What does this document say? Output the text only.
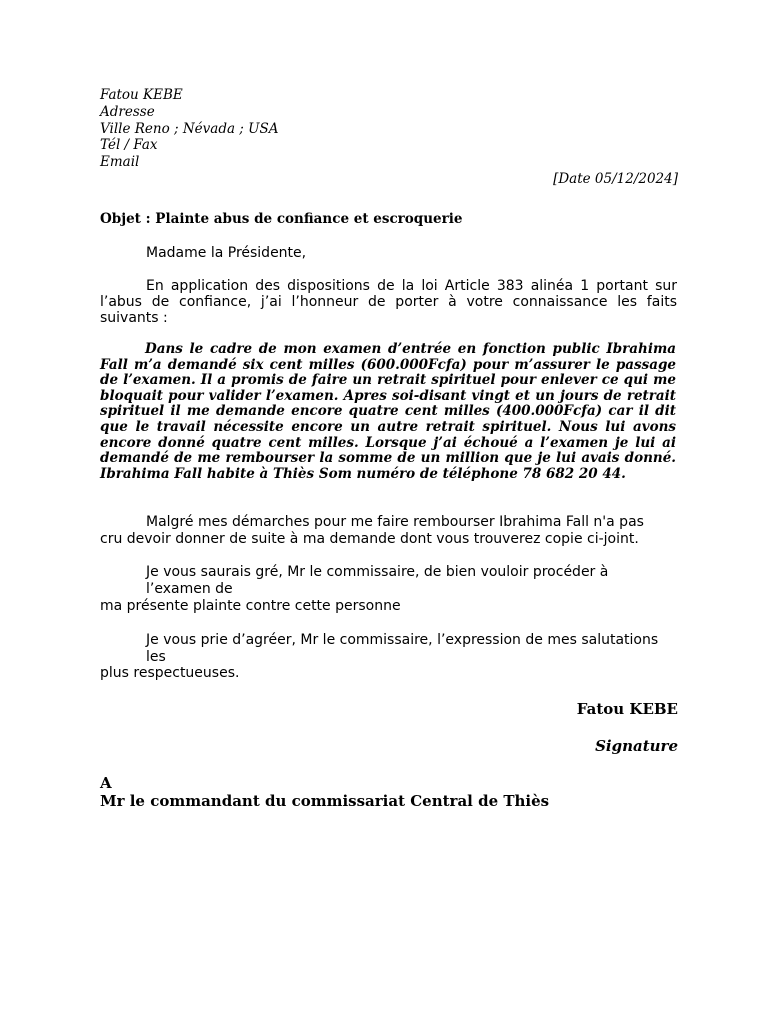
Fatou KEBE
Adresse
Ville Reno ; Névada ; USA
Tél / Fax
Email
[Date 05/12/2024]
Objet : Plainte abus de confiance et escroquerie
Madame la Présidente,
En application des dispositions de la loi Article 383 alinéa 1 portant sur l’abus de confiance, j’ai l’honneur de porter à votre connaissance les faits suivants :
Dans le cadre de mon examen d’entrée en fonction public Ibrahima Fall m’a demandé six cent milles (600.000Fcfa) pour m’assurer le passage de l’examen. Il a promis de faire un retrait spirituel pour enlever ce qui me bloquait pour valider l’examen. Apres soi-disant vingt et un jours de retrait spirituel il me demande encore quatre cent milles (400.000Fcfa) car il dit que le travail nécessite encore un autre retrait spirituel. Nous lui avons encore donné quatre cent milles. Lorsque j’ai échoué a l’examen je lui ai demandé de me rembourser la somme de un million que je lui avais donné. Ibrahima Fall habite à Thiès Som numéro de téléphone 78 682 20 44.
Malgré mes démarches pour me faire rembourser Ibrahima Fall n'a pas
cru devoir donner de suite à ma demande dont vous trouverez copie ci-joint.
Je vous saurais gré, Mr le commissaire, de bien vouloir procéder à l’examen de
ma présente plainte contre cette personne
Je vous prie d’agréer, Mr le commissaire, l’expression de mes salutations les
plus respectueuses.
Fatou KEBE
Signature
A
Mr le commandant du commissariat Central de Thiès
